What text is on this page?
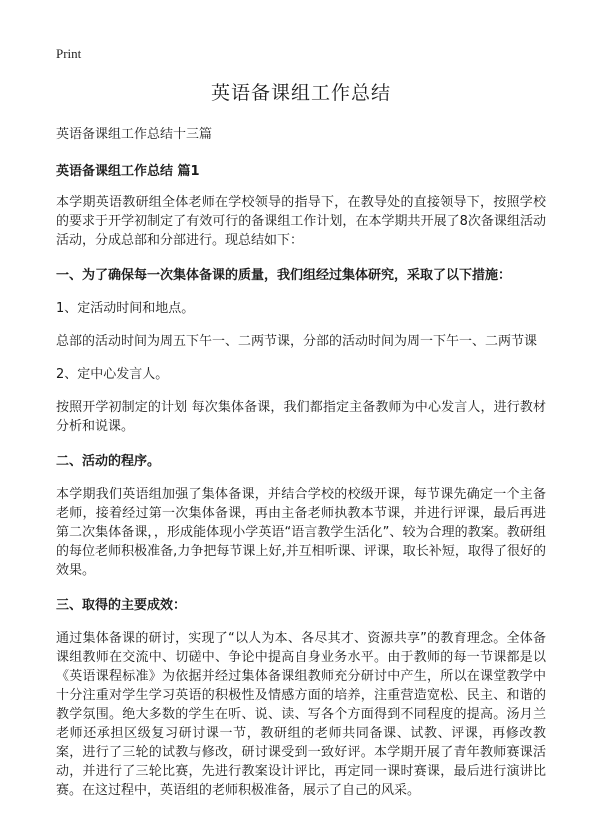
Print
英语备课组工作总结
英语备课组工作总结十三篇
英语备课组工作总结 篇1

本学期英语教研组全体老师在学校领导的指导下，在教导处的直接领导下，按照学校的要求于开学初制定了有效可行的备课组工作计划，在本学期共开展了8次备课组活动活动，分成总部和分部进行。现总结如下：

一、为了确保每一次集体备课的质量，我们组经过集体研究，采取了以下措施：

1、定活动时间和地点。

总部的活动时间为周五下午一、二两节课，分部的活动时间为周一下午一、二两节课

2、定中心发言人。

按照开学初制定的计划 每次集体备课，我们都指定主备教师为中心发言人，进行教材分析和说课。

二、活动的程序。

本学期我们英语组加强了集体备课，并结合学校的校级开课，每节课先确定一个主备老师，接着经过第一次集体备课，再由主备老师执教本节课，并进行评课，最后再进第二次集体备课，，形成能体现小学英语“语言教学生活化”、较为合理的教案。教研组的每位老师积极准备,力争把每节课上好,并互相听课、评课，取长补短，取得了很好的效果。

三、取得的主要成效：

通过集体备课的研讨，实现了“以人为本、各尽其才、资源共享”的教育理念。全体备课组教师在交流中、切磋中、争论中提高自身业务水平。由于教师的每一节课都是以《英语课程标准》为依据并经过集体备课组教师充分研讨中产生，所以在课堂教学中十分注重对学生学习英语的积极性及情感方面的培养，注重营造宽松、民主、和谐的教学氛围。绝大多数的学生在听、说、读、写各个方面得到不同程度的提高。汤月兰老师还承担区级复习研讨课一节，教研组的老师共同备课、试教、评课，再修改教案，进行了三轮的试教与修改，研讨课受到一致好评。本学期开展了青年教师赛课活动，并进行了三轮比赛，先进行教案设计评比，再定同一课时赛课，最后进行演讲比赛。在这过程中，英语组的老师积极准备，展示了自己的风采。
